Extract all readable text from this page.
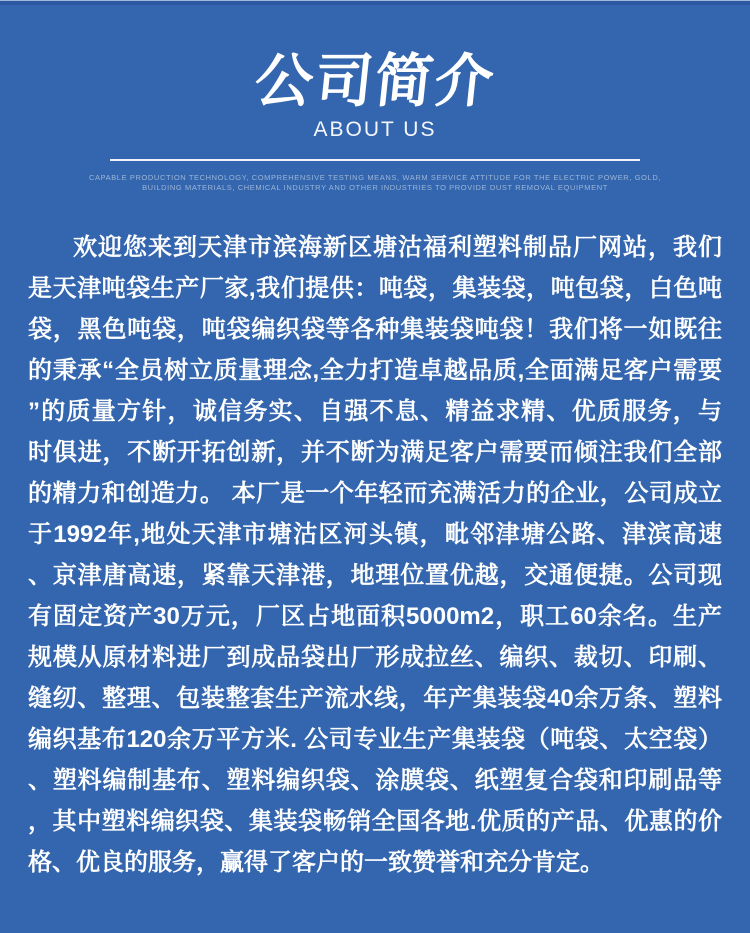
公司简介
ABOUT US
CAPABLE PRODUCTION TECHNOLOGY, COMPREHENSIVE TESTING MEANS, WARM SERVICE ATTITUDE FOR THE ELECTRIC POWER, GOLD, BUILDING MATERIALS, CHEMICAL INDUSTRY AND OTHER INDUSTRIES TO PROVIDE DUST REMOVAL EQUIPMENT
欢迎您来到天津市滨海新区塘沽福利塑料制品厂网站，我们
是天津吨袋生产厂家,我们提供：吨袋，集装袋，吨包袋，白色吨
袋，黑色吨袋，吨袋编织袋等各种集装袋吨袋！我们将一如既往
的秉承“全员树立质量理念,全力打造卓越品质,全面满足客户需要
”的质量方针，诚信务实、自强不息、精益求精、优质服务，与
时俱进，不断开拓创新，并不断为满足客户需要而倾注我们全部
的精力和创造力。 本厂是一个年轻而充满活力的企业，公司成立
于1992年,地处天津市塘沽区河头镇，毗邻津塘公路、津滨高速
、京津唐高速，紧靠天津港，地理位置优越，交通便捷。公司现
有固定资产30万元，厂区占地面积5000m2，职工60余名。生产
规模从原材料进厂到成品袋出厂形成拉丝、编织、裁切、印刷、
缝纫、整理、包装整套生产流水线，年产集装袋40余万条、塑料
编织基布120余万平方米. 公司专业生产集装袋（吨袋、太空袋）
、塑料编制基布、塑料编织袋、涂膜袋、纸塑复合袋和印刷品等
，其中塑料编织袋、集装袋畅销全国各地.优质的产品、优惠的价
格、优良的服务，赢得了客户的一致赞誉和充分肯定。
